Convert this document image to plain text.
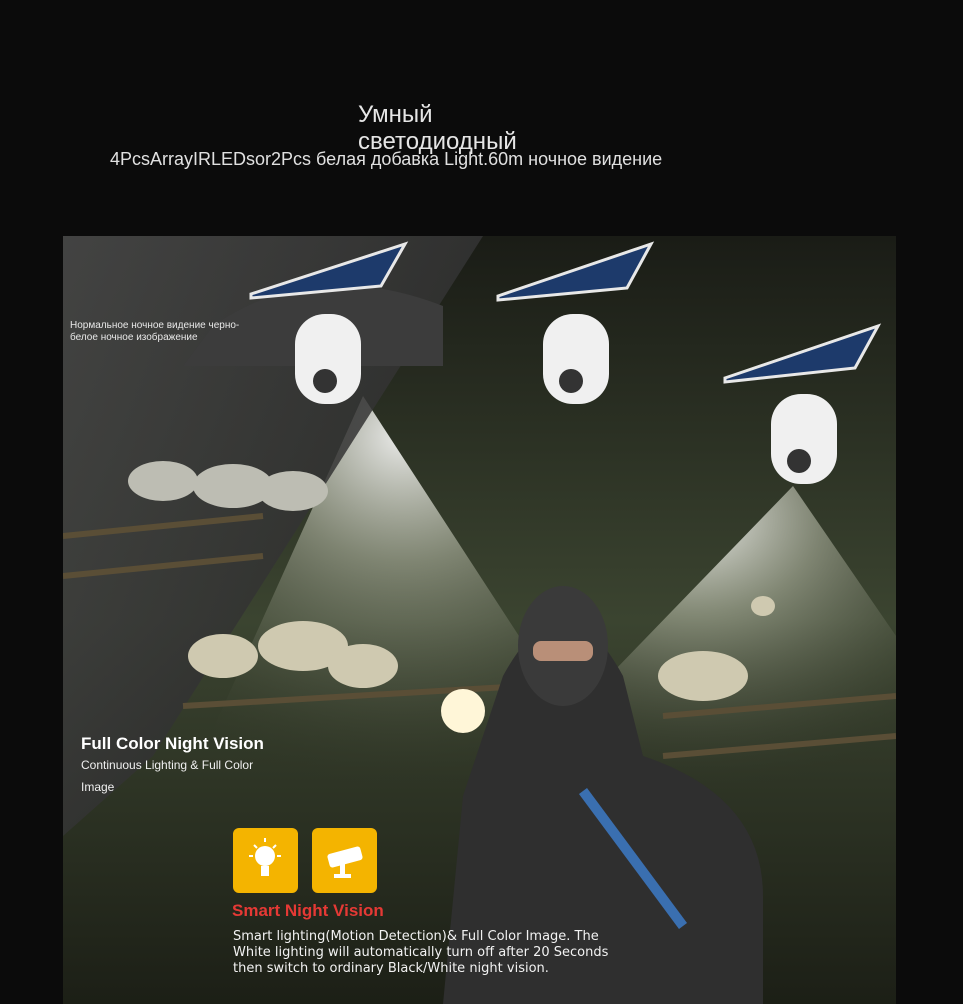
Умный
светодиодный
4PcsArrayIRLEDsor2Pcs белая добавка Light.60m ночное видение
Нормальное ночное видение черно-белое ночное изображение
Full Color Night Vision
Continuous Lighting & Full Color Image
Smart Night Vision
Smart lighting(Motion Detection)& Full Color Image. The White lighting will automatically turn off after 20 Seconds then switch to ordinary Black/White night vision.
